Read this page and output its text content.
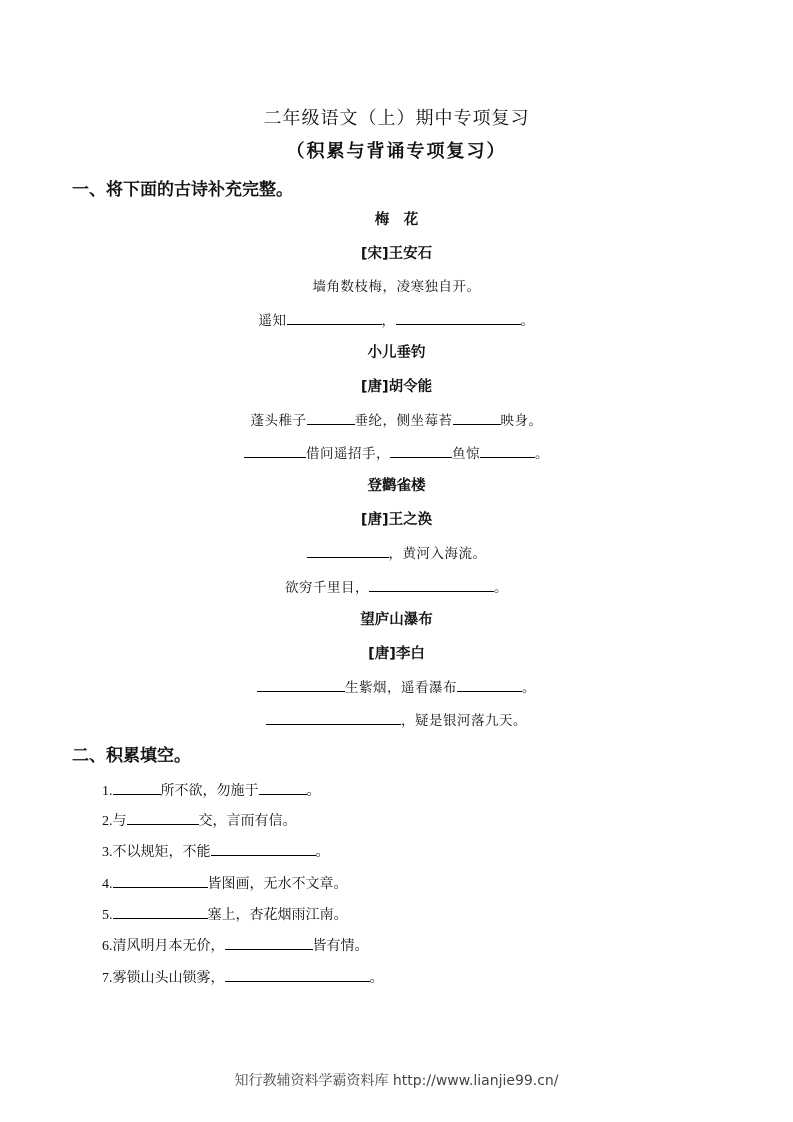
二年级语文（上）期中专项复习
（积累与背诵专项复习）
一、将下面的古诗补充完整。
梅　花
[宋]王安石
墙角数枝梅，凌寒独自开。
遥知	，	。
小儿垂钓
[唐]胡令能
蓬头稚子	垂纶，侧坐莓苔	映身。
借问遥招手，	鱼惊	。
登鹳雀楼
[唐]王之涣
，黄河入海流。
欲穷千里目，	。
望庐山瀑布
[唐]李白
生紫烟，遥看瀑布	。
，疑是银河落九天。
二、积累填空。
1.	所不欲，勿施于	。
2.与	交，言而有信。
3.不以规矩，不能	。
4.	皆图画，无水不文章。
5.	塞上，杏花烟雨江南。
6.清风明月本无价，	皆有情。
7.雾锁山头山锁雾，	。
知行教辅资料学霸资料库 http://www.lianjie99.cn/
